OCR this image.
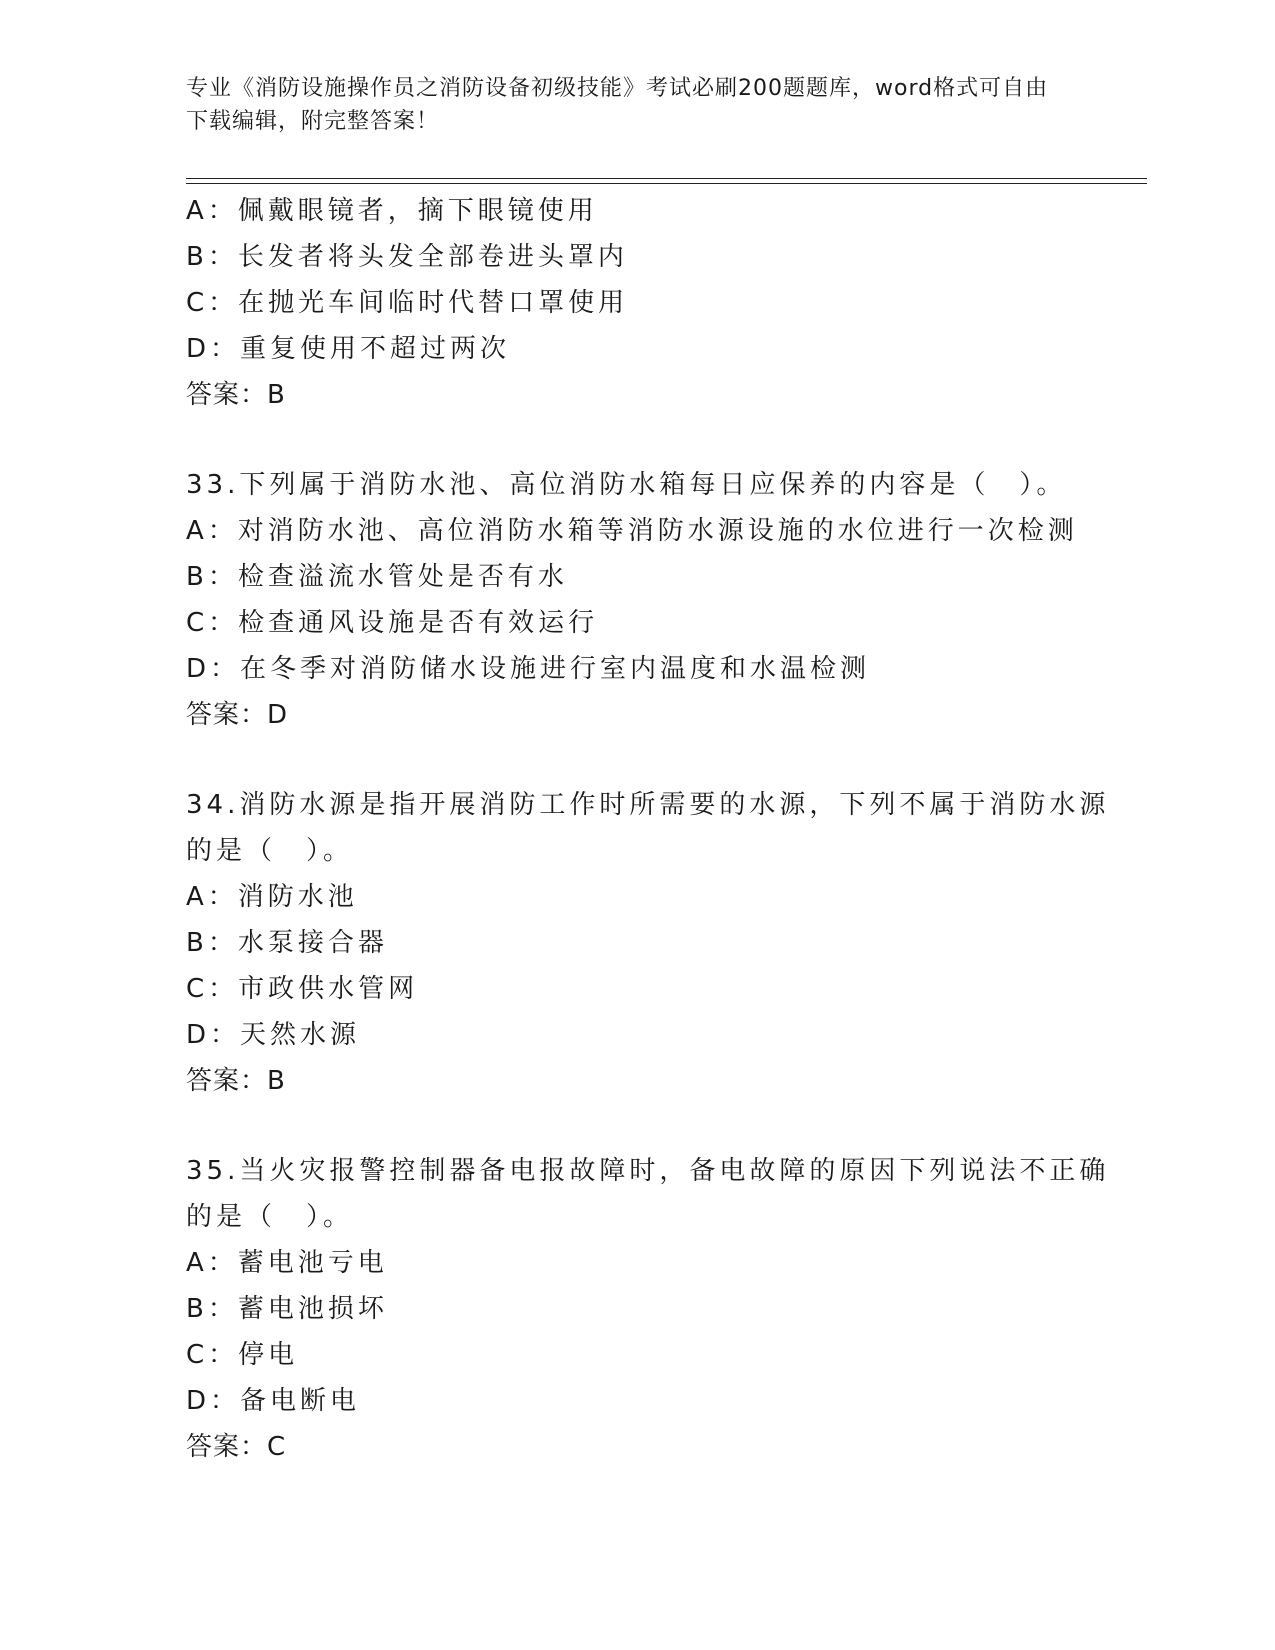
专业《消防设施操作员之消防设备初级技能》考试必刷200题题库，word格式可自由下载编辑，附完整答案！
A：佩戴眼镜者，摘下眼镜使用
B：长发者将头发全部卷进头罩内
C：在抛光车间临时代替口罩使用
D：重复使用不超过两次
答案：B
33.下列属于消防水池、高位消防水箱每日应保养的内容是（　）。
A：对消防水池、高位消防水箱等消防水源设施的水位进行一次检测
B：检查溢流水管处是否有水
C：检查通风设施是否有效运行
D：在冬季对消防储水设施进行室内温度和水温检测
答案：D
34.消防水源是指开展消防工作时所需要的水源，下列不属于消防水源
的是（　）。
A：消防水池
B：水泵接合器
C：市政供水管网
D：天然水源
答案：B
35.当火灾报警控制器备电报故障时，备电故障的原因下列说法不正确
的是（　）。
A：蓄电池亏电
B：蓄电池损坏
C：停电
D：备电断电
答案：C
